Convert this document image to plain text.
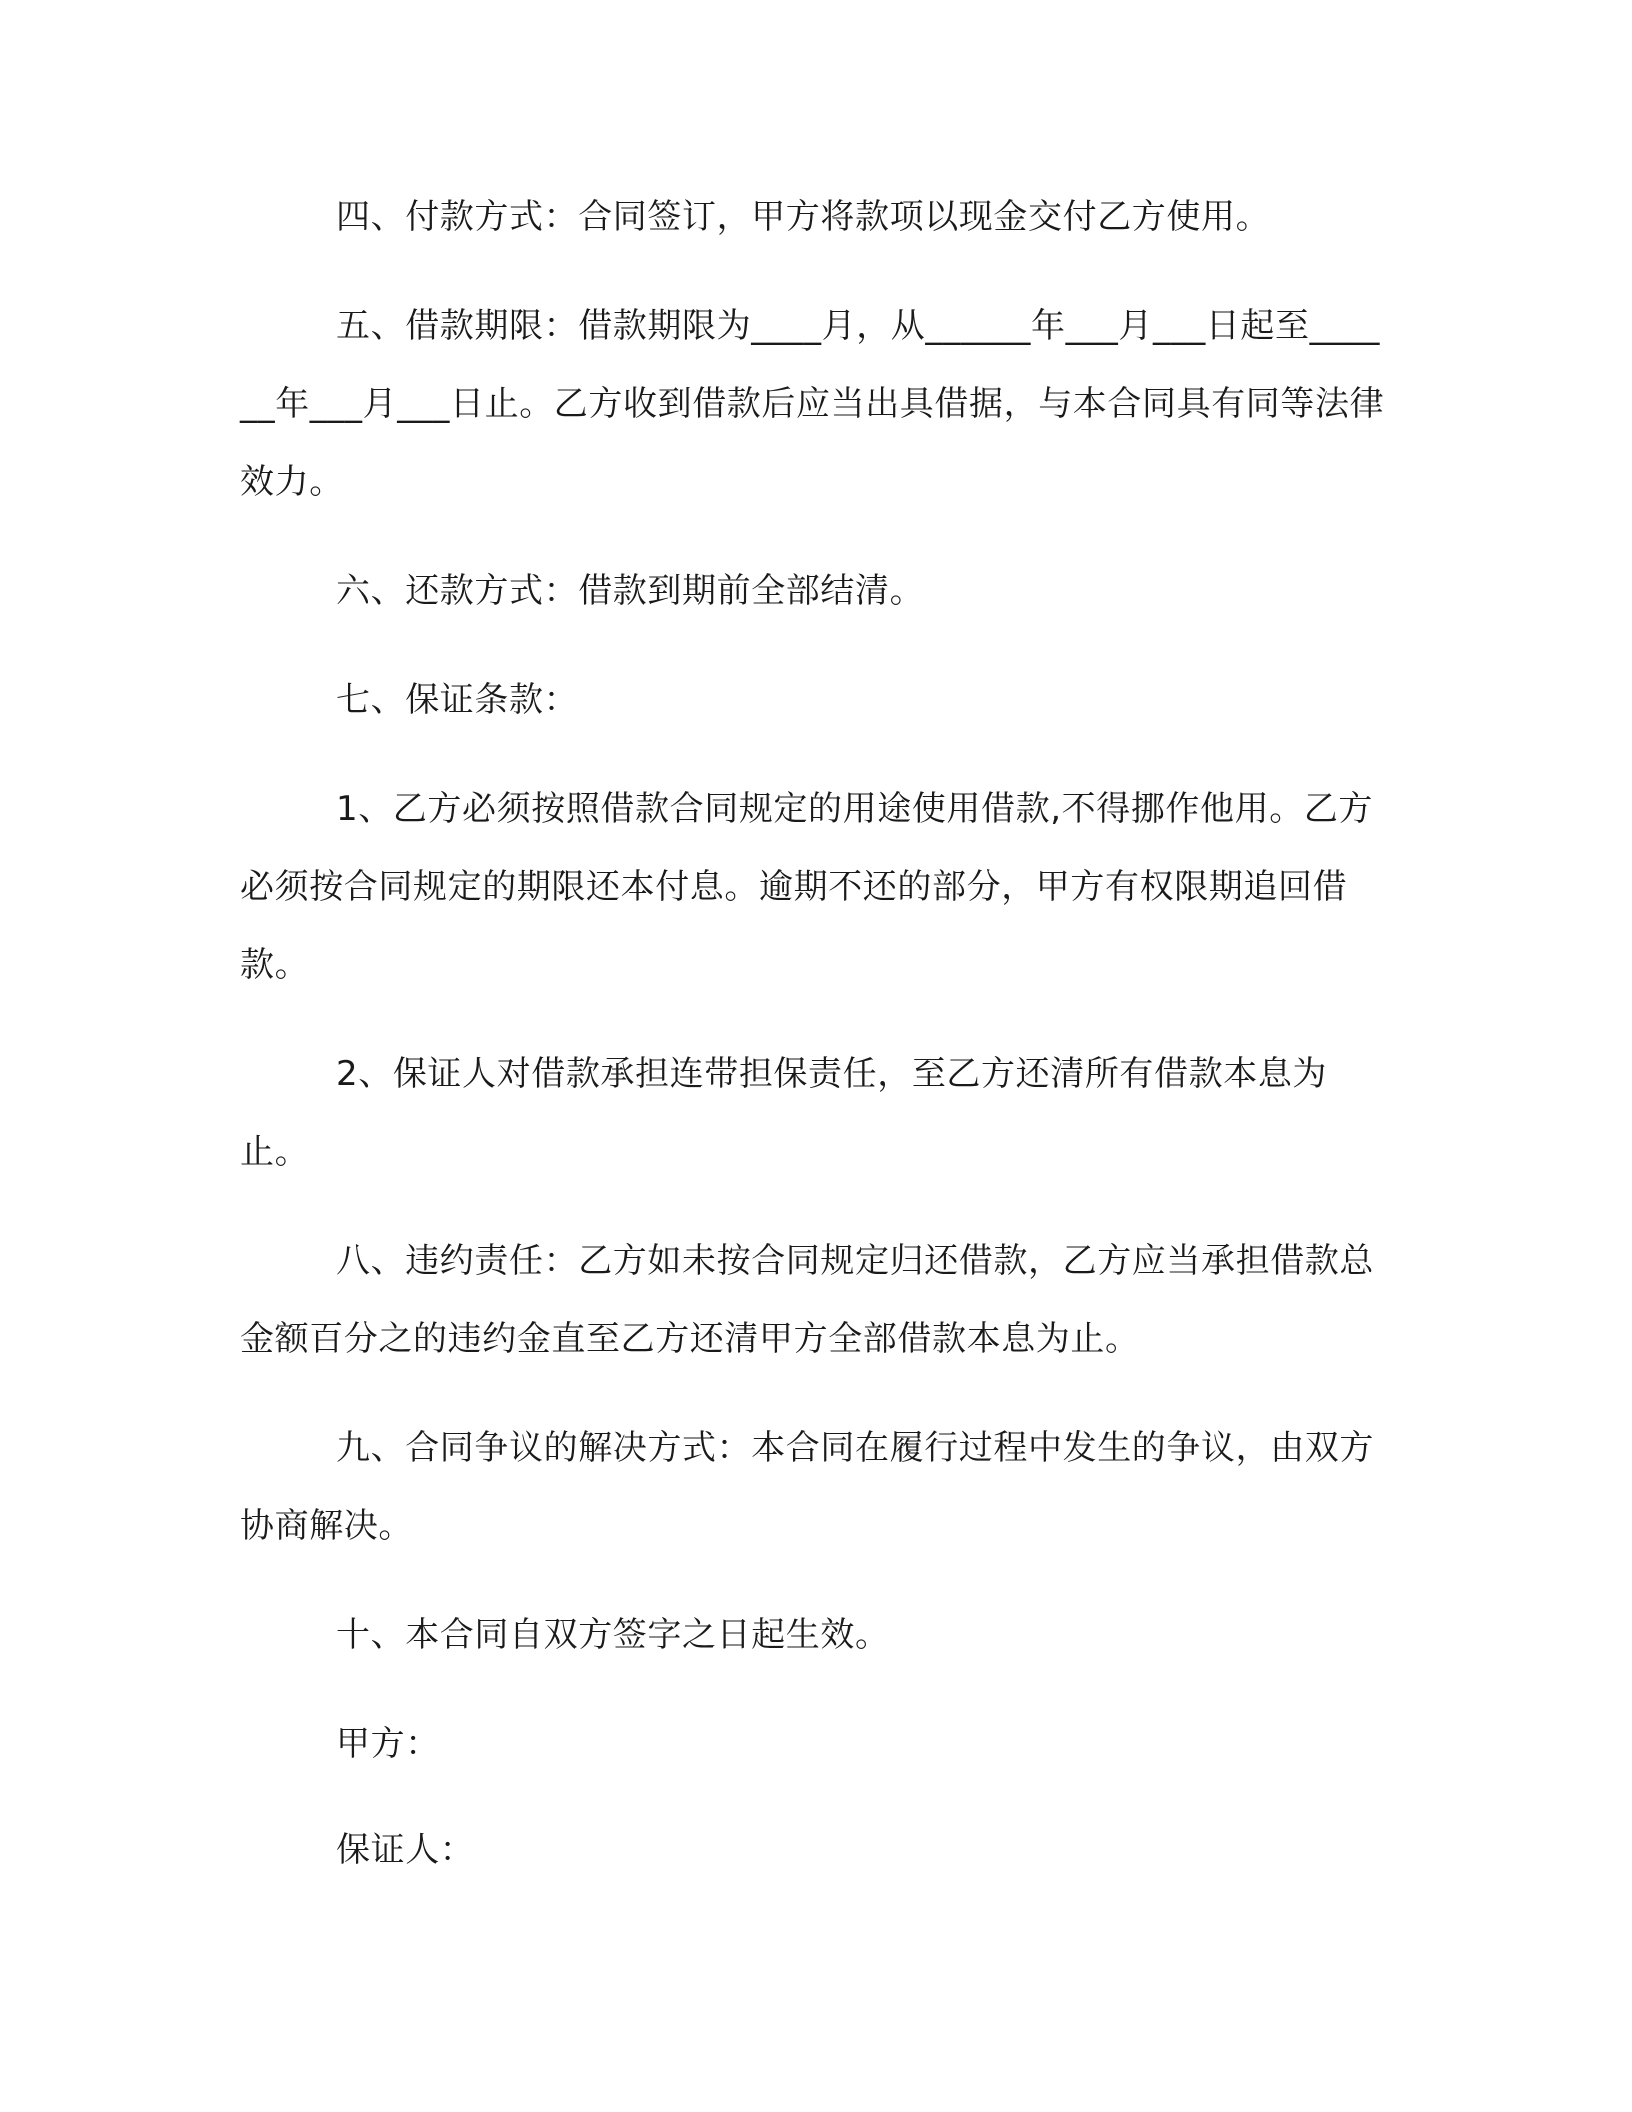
四、付款方式：合同签订，甲方将款项以现金交付乙方使用。

五、借款期限：借款期限为____月，从______年___月___日起至______年___月___日止。乙方收到借款后应当出具借据，与本合同具有同等法律效力。

六、还款方式：借款到期前全部结清。

七、保证条款：

1、乙方必须按照借款合同规定的用途使用借款,不得挪作他用。乙方必须按合同规定的期限还本付息。逾期不还的部分，甲方有权限期追回借款。

2、保证人对借款承担连带担保责任，至乙方还清所有借款本息为止。

八、违约责任：乙方如未按合同规定归还借款，乙方应当承担借款总金额百分之的违约金直至乙方还清甲方全部借款本息为止。

九、合同争议的解决方式：本合同在履行过程中发生的争议，由双方协商解决。

十、本合同自双方签字之日起生效。

甲方：

保证人：
